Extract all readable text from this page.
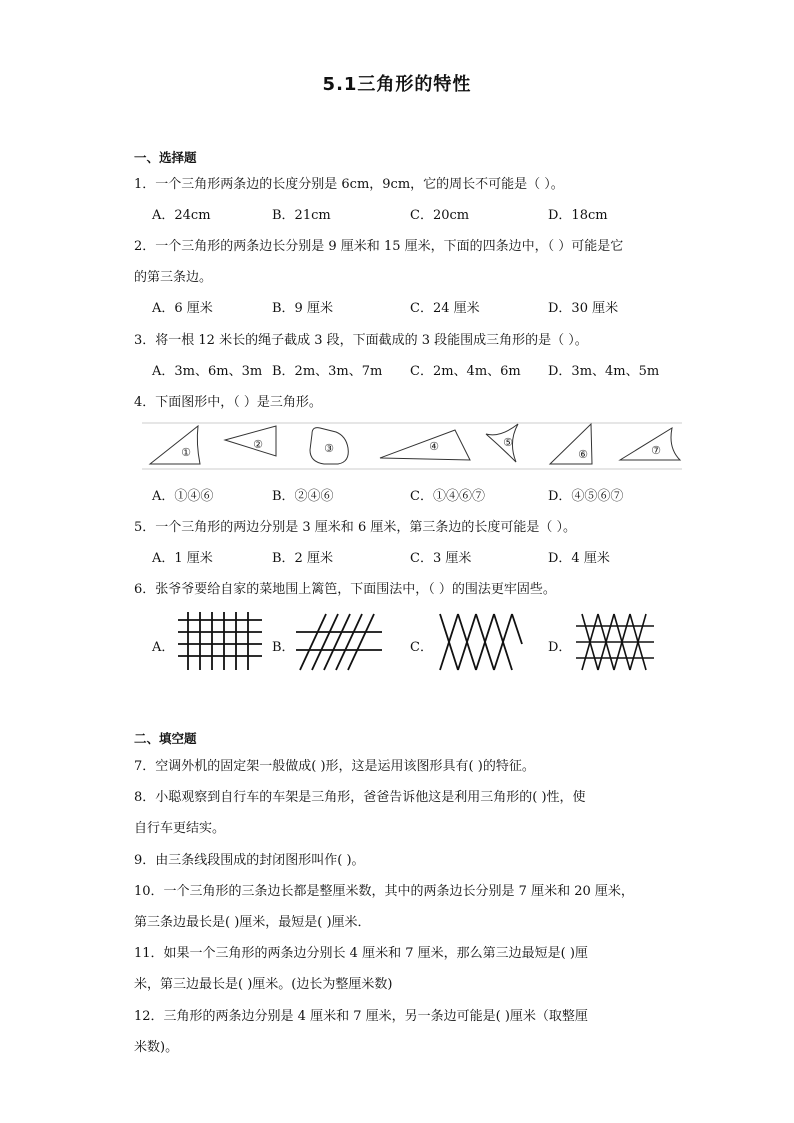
5.1三角形的特性
一、选择题
1．一个三角形两条边的长度分别是 6cm，9cm，它的周长不可能是（ ）。
A．24cm	B．21cm	C．20cm	D．18cm
2．一个三角形的两条边长分别是 9 厘米和 15 厘米，下面的四条边中，（ ）可能是它
的第三条边。
A．6 厘米	B．9 厘米	C．24 厘米	D．30 厘米
3．将一根 12 米长的绳子截成 3 段，下面截成的 3 段能围成三角形的是（ ）。
A．3m、6m、3m B．2m、3m、7m C．2m、4m、6m D．3m、4m、5m
4．下面图形中，（ ）是三角形。
①
②	③	④	⑤
⑥	⑦
A．①④⑥	B．②④⑥	C．①④⑥⑦	D．④⑤⑥⑦
5．一个三角形的两边分别是 3 厘米和 6 厘米，第三条边的长度可能是（ ）。
A．1 厘米	B．2 厘米	C．3 厘米	D．4 厘米
6．张爷爷要给自家的菜地围上篱笆，下面围法中，（ ）的围法更牢固些。
A．	B．	C．	D．
二、填空题
7．空调外机的固定架一般做成( )形，这是运用该图形具有( )的特征。
8．小聪观察到自行车的车架是三角形，爸爸告诉他这是利用三角形的( )性，使
自行车更结实。
9．由三条线段围成的封闭图形叫作( )。
10．一个三角形的三条边长都是整厘米数，其中的两条边长分别是 7 厘米和 20 厘米，
第三条边最长是( )厘米，最短是( )厘米．
11．如果一个三角形的两条边分别长 4 厘米和 7 厘米，那么第三边最短是( )厘
米，第三边最长是( )厘米。(边长为整厘米数)
12．三角形的两条边分别是 4 厘米和 7 厘米，另一条边可能是( )厘米（取整厘
米数)。
